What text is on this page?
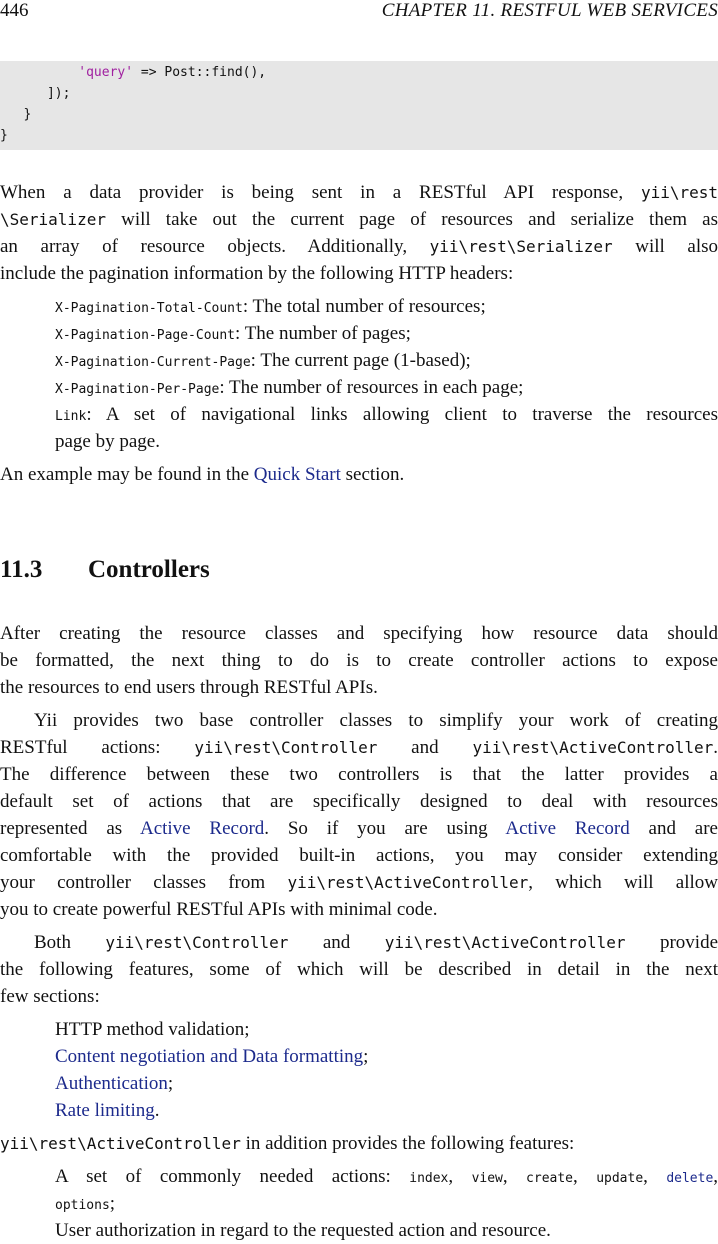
446	CHAPTER 11. RESTFUL WEB SERVICES
'query' => Post::find(),
]);
}
}
When a data provider is being sent in a RESTful API response, yii\rest
\Serializer will take out the current page of resources and serialize them as
an array of resource objects. Additionally, yii\rest\Serializer will also
include the pagination information by the following HTTP headers:
X-Pagination-Total-Count: The total number of resources;
X-Pagination-Page-Count: The number of pages;
X-Pagination-Current-Page: The current page (1-based);
X-Pagination-Per-Page: The number of resources in each page;
Link: A set of navigational links allowing client to traverse the resources
page by page.
An example may be found in the Quick Start section.
11.3 Controllers
After creating the resource classes and specifying how resource data should
be formatted, the next thing to do is to create controller actions to expose
the resources to end users through RESTful APIs.
Yii provides two base controller classes to simplify your work of creating
RESTful actions: yii\rest\Controller and yii\rest\ActiveController.
The difference between these two controllers is that the latter provides a
default set of actions that are specifically designed to deal with resources
represented as Active Record. So if you are using Active Record and are
comfortable with the provided built-in actions, you may consider extending
your controller classes from yii\rest\ActiveController, which will allow
you to create powerful RESTful APIs with minimal code.
Both yii\rest\Controller and yii\rest\ActiveController provide
the following features, some of which will be described in detail in the next
few sections:
HTTP method validation;
Content negotiation and Data formatting;
Authentication;
Rate limiting.
yii\rest\ActiveController in addition provides the following features:
A set of commonly needed actions: index, view, create, update, delete,
options;
User authorization in regard to the requested action and resource.
